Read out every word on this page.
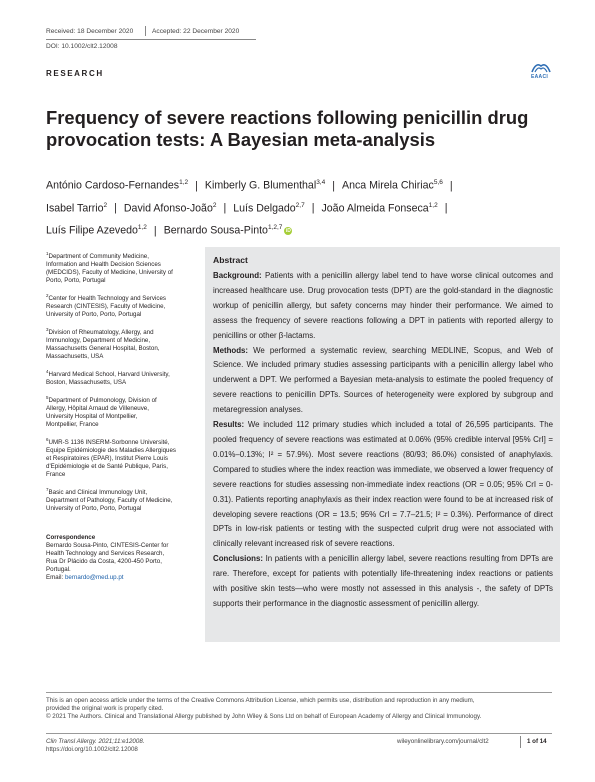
Received: 18 December 2020	Accepted: 22 December 2020
DOI: 10.1002/clt2.12008
RESEARCH	EAACI
Frequency of severe reactions following penicillin drug
provocation tests: A Bayesian meta-analysis
António Cardoso-Fernandes$^{1,2}$ | Kimberly G. Blumenthal$^{3,4}$ | Anca Mirela Chiriac$^{5,6}$ |
Isabel Tarrio$^2$ | David Afonso-João$^2$ | Luís Delgado$^{2,7}$ | João Almeida Fonseca$^{1,2}$ |
Luís Filipe Azevedo$^{1,2}$ | Bernardo Sousa-Pinto$^{1,2,7}$ iD

$^1$Department of Community Medicine,
Information and Health Decision Sciences
(MEDCIDS), Faculty of Medicine, University of
Porto, Porto, Portugal

$^2$Center for Health Technology and Services
Research (CINTESIS), Faculty of Medicine,
University of Porto, Porto, Portugal

$^3$Division of Rheumatology, Allergy, and
Immunology, Department of Medicine,
Massachusetts General Hospital, Boston,
Massachusetts, USA

$^4$Harvard Medical School, Harvard University,
Boston, Massachusetts, USA

$^5$Department of Pulmonology, Division of
Allergy, Hôpital Arnaud de Villeneuve,
University Hospital of Montpellier,
Montpellier, France

$^6$UMR-S 1136 INSERM-Sorbonne Université,
Equipe Epidémiologie des Maladies Allergiques
et Respiratoires (EPAR), Institut Pierre Louis
d'Epidémiologie et de Santé Publique, Paris,
France

$^7$Basic and Clinical Immunology Unit,
Department of Pathology, Faculty of Medicine,
University of Porto, Porto, Portugal

Correspondence
Bernardo Sousa-Pinto, CINTESIS-Center for
Health Technology and Services Research,
Rua Dr Plácido da Costa, 4200-450 Porto,
Portugal.
Email: bernardo@med.up.pt
Abstract

Background: Patients with a penicillin allergy label tend to have worse clinical outcomes and increased healthcare use. Drug provocation tests (DPT) are the gold-standard in the diagnostic workup of penicillin allergy, but safety concerns may hinder their performance. We aimed to assess the frequency of severe reactions following a DPT in patients with reported allergy to penicillins or other β-lactams.

Methods: We performed a systematic review, searching MEDLINE, Scopus, and Web of Science. We included primary studies assessing participants with a penicillin allergy label who underwent a DPT. We performed a Bayesian meta-analysis to estimate the pooled frequency of severe reactions to penicillin DPTs. Sources of heterogeneity were explored by subgroup and metaregression analyses.

Results: We included 112 primary studies which included a total of 26,595 participants. The pooled frequency of severe reactions was estimated at 0.06% (95% credible interval [95% CrI] = 0.01%–0.13%; I² = 57.9%). Most severe reactions (80/93; 86.0%) consisted of anaphylaxis. Compared to studies where the index reaction was immediate, we observed a lower frequency of severe reactions for studies assessing non-immediate index reactions (OR = 0.05; 95% CrI = 0-0.31). Patients reporting anaphylaxis as their index reaction were found to be at increased risk of developing severe reactions (OR = 13.5; 95% CrI = 7.7–21.5; I² = 0.3%). Performance of direct DPTs in low-risk patients or testing with the suspected culprit drug were not associated with clinically relevant increased risk of severe reactions.

Conclusions: In patients with a penicillin allergy label, severe reactions resulting from DPTs are rare. Therefore, except for patients with potentially life-threatening index reactions or patients with positive skin tests—who were mostly not assessed in this analysis -, the safety of DPTs supports their performance in the diagnostic assessment of penicillin allergy.

This is an open access article under the terms of the Creative Commons Attribution License, which permits use, distribution and reproduction in any medium,
provided the original work is properly cited.
© 2021 The Authors. Clinical and Translational Allergy published by John Wiley & Sons Ltd on behalf of European Academy of Allergy and Clinical Immunology.
Clin Transl Allergy. 2021;11:e12008.
https://doi.org/10.1002/clt2.12008
wileyonlinelibrary.com/journal/clt2	1 of 14
